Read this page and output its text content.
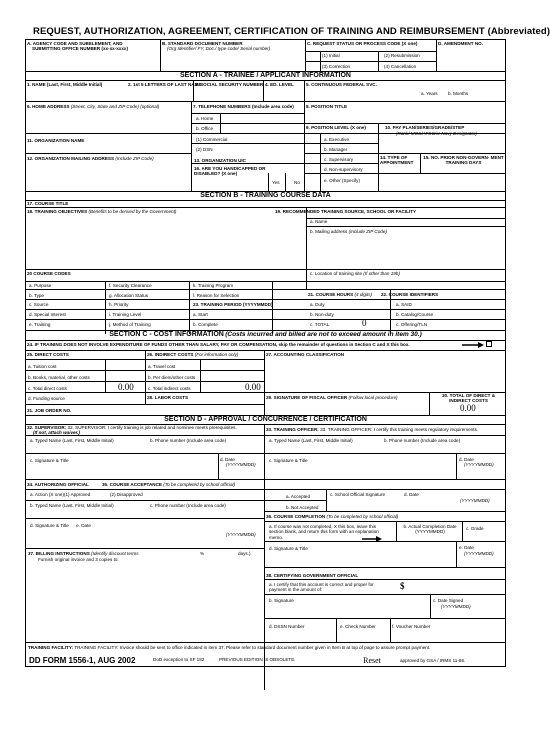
REQUEST, AUTHORIZATION, AGREEMENT, CERTIFICATION OF TRAINING AND REIMBURSEMENT (Abbreviated)
A. AGENCY CODE AND SUBELEMENT, AND
SUBMITTING OFFICE NUMBER (xx-xx-xxxx)
B. STANDARD DOCUMENT NUMBER
(Org Identifier/ FY, Doc./ type code/ Serial number)
C. REQUEST STATUS OR PROCESS CODE (X one)
(1) Initial	(2) Resubmission
(3) Correction	(4) Cancellation
D. AMENDMENT NO.
SECTION A - TRAINEE / APPLICANT INFORMATION
1. NAME (Last, First, Middle Initial)	2. 1st 5 LETTERS OF LAST NAME
3. SOCIAL SECURITY NUMBER 4. ED. LEVEL	5. CONTINUOUS FEDERAL SVC.
a. Years b. Months
6. HOME ADDRESS (Street, City, State and ZIP Code) (optional)	7. TELEPHONE NUMBERS (Include area code)
a. Home
b. Office
8. POSITION TITLE
9. POSITION LEVEL (X one)	10. PAY PLAN/SERIES/GRADE/STEP
(Rank/ MOS/AFSC/or Navy Designator)
11. ORGANIZATION NAME	(1) Commercial
(2) DSN
a. Executive
b. Manager
c. Supervisory
d. Non-supervisory
e. Other (Specify)
12. ORGANIZATION MAILING ADDRESS (Include ZIP Code)	13. ORGANIZATION UIC
16. ARE YOU HANDICAPPED OR DISABLED? (X one)
Yes	No
14. TYPE OF APPOINTMENT
15. NO. PRIOR NON-GOVERN- MENT TRAINING DAYS
SECTION B - TRAINING COURSE DATA
17. COURSE TITLE
18. TRAINING OBJECTIVES (Benefits to be derived by the Government)	19. RECOMMENDED TRAINING SOURCE, SCHOOL OR FACILITY
a. Name
b. Mailing address (Include ZIP Code)
20 COURSE CODES	c. Location of training site (If other than 19b)
a. Purpose	f. Security Clearance	k. Training Program
b. Type	g. Allocation Status	l. Reason for Selection	21. COURSE HOURS (4 digits) 22. COURSE IDENTIFIERS
c. Source	h. Priority	23. TRAINING PERIOD (YYYYMMDD)	a. Duty	a. SAID
d. Special Interest	i. Training Level	a. Start	b. Non-duty	b. Catalog/Course
e. Training	j. Method of Training	b. Complete	c. TOTAL	0	c. Offering/TLN
SECTION C - COST INFORMATION (Costs incurred and billed are not to exceed amount in item 30.)
24. IF TRAINING DOES NOT INVOLVE EXPENDITURE OF FUNDS OTHER THAN SALARY, PAY OR COMPENSATION, skip the remainder of questions in Section C and X this box.
25. DIRECT COSTS	26. INDIRECT COSTS (For information only)	27. ACCOUNTING CLASSIFICATION
a. Tuition cost	a. Travel cost
b. Books, material, other costs	b. Per diem/other costs
c. Total direct costs	0.00	c. Total indirect costs	0.00
d. Funding source	28. LABOR COSTS	29. SIGNATURE OF FISCAL OFFICER (Follow local procedure)	30. TOTAL OF DIRECT & INDIRECT COSTS
0.00
31. JOB ORDER NO.
SECTION D - APPROVAL / CONCURRENCE / CERTIFICATION
32. SUPERVISOR: 32. SUPERVISOR: I certify training is job related and nominee meets prerequisites.
(If not, attach waiver.)
33. TRAINING OFFICER: 33. TRAINING OFFICER: I certify this training meets regulatory requirements.
a. Typed Name (Last, First, Middle Initial)	b. Phone number (Include area code)	a. Typed Name (Last, First, Middle Initial)	b. Phone number (Include area code)
c. Signature & Title	d. Date
(YYYYMMDD)
c. Signature & Title	d. Date
(YYYYMMDD)
34. AUTHORIZING OFFICIAL	35. COURSE ACCEPTANCE (To be completed by school official)
a. Action (X one)(1) Approved	(2) Disapproved	a. Accepted	c. School Official Signature	d. Date
(YYYYMMDD)
b. Typed Name (Last, First, Middle Initial)	c. Phone number (Include area code)	b. Not Accepted
36. COURSE COMPLETION (To be completed by school official)
d. Signature & Title e. Date
(YYYYMMDD)
a. If course was not completed, X this box, leave this section blank, and return this form with an explanation memo.
b. Actual Completion Date (YYYYMMDD)
c. Grade
37. BILLING INSTRUCTIONS (Identify discount terms	%	days.)
Furnish original invoice and 3 copies to:
d. Signature & Title	e. Date
(YYYYMMDD)
38. CERTIFYING GOVERNMENT OFFICIAL
a. I certify that this account is correct and proper for payment in the amount of:	$
b. Signature	c. Date Signed
(YYYYMMDD)
d. DSSN Number	e. Check Number	f. Voucher Number
TRAINING FACILITY: TRAINING FACILITY: Invoice should be sent to office indicated in item 37. Please refer to standard document number given in Item B at top of page to assure prompt payment.
DD FORM 1556-1, AUG 2002	DoD exception to SF 182	PREVIOUS EDITION IS OBSOLETE.	Reset	approved by GSA / IRMS 11-86.
